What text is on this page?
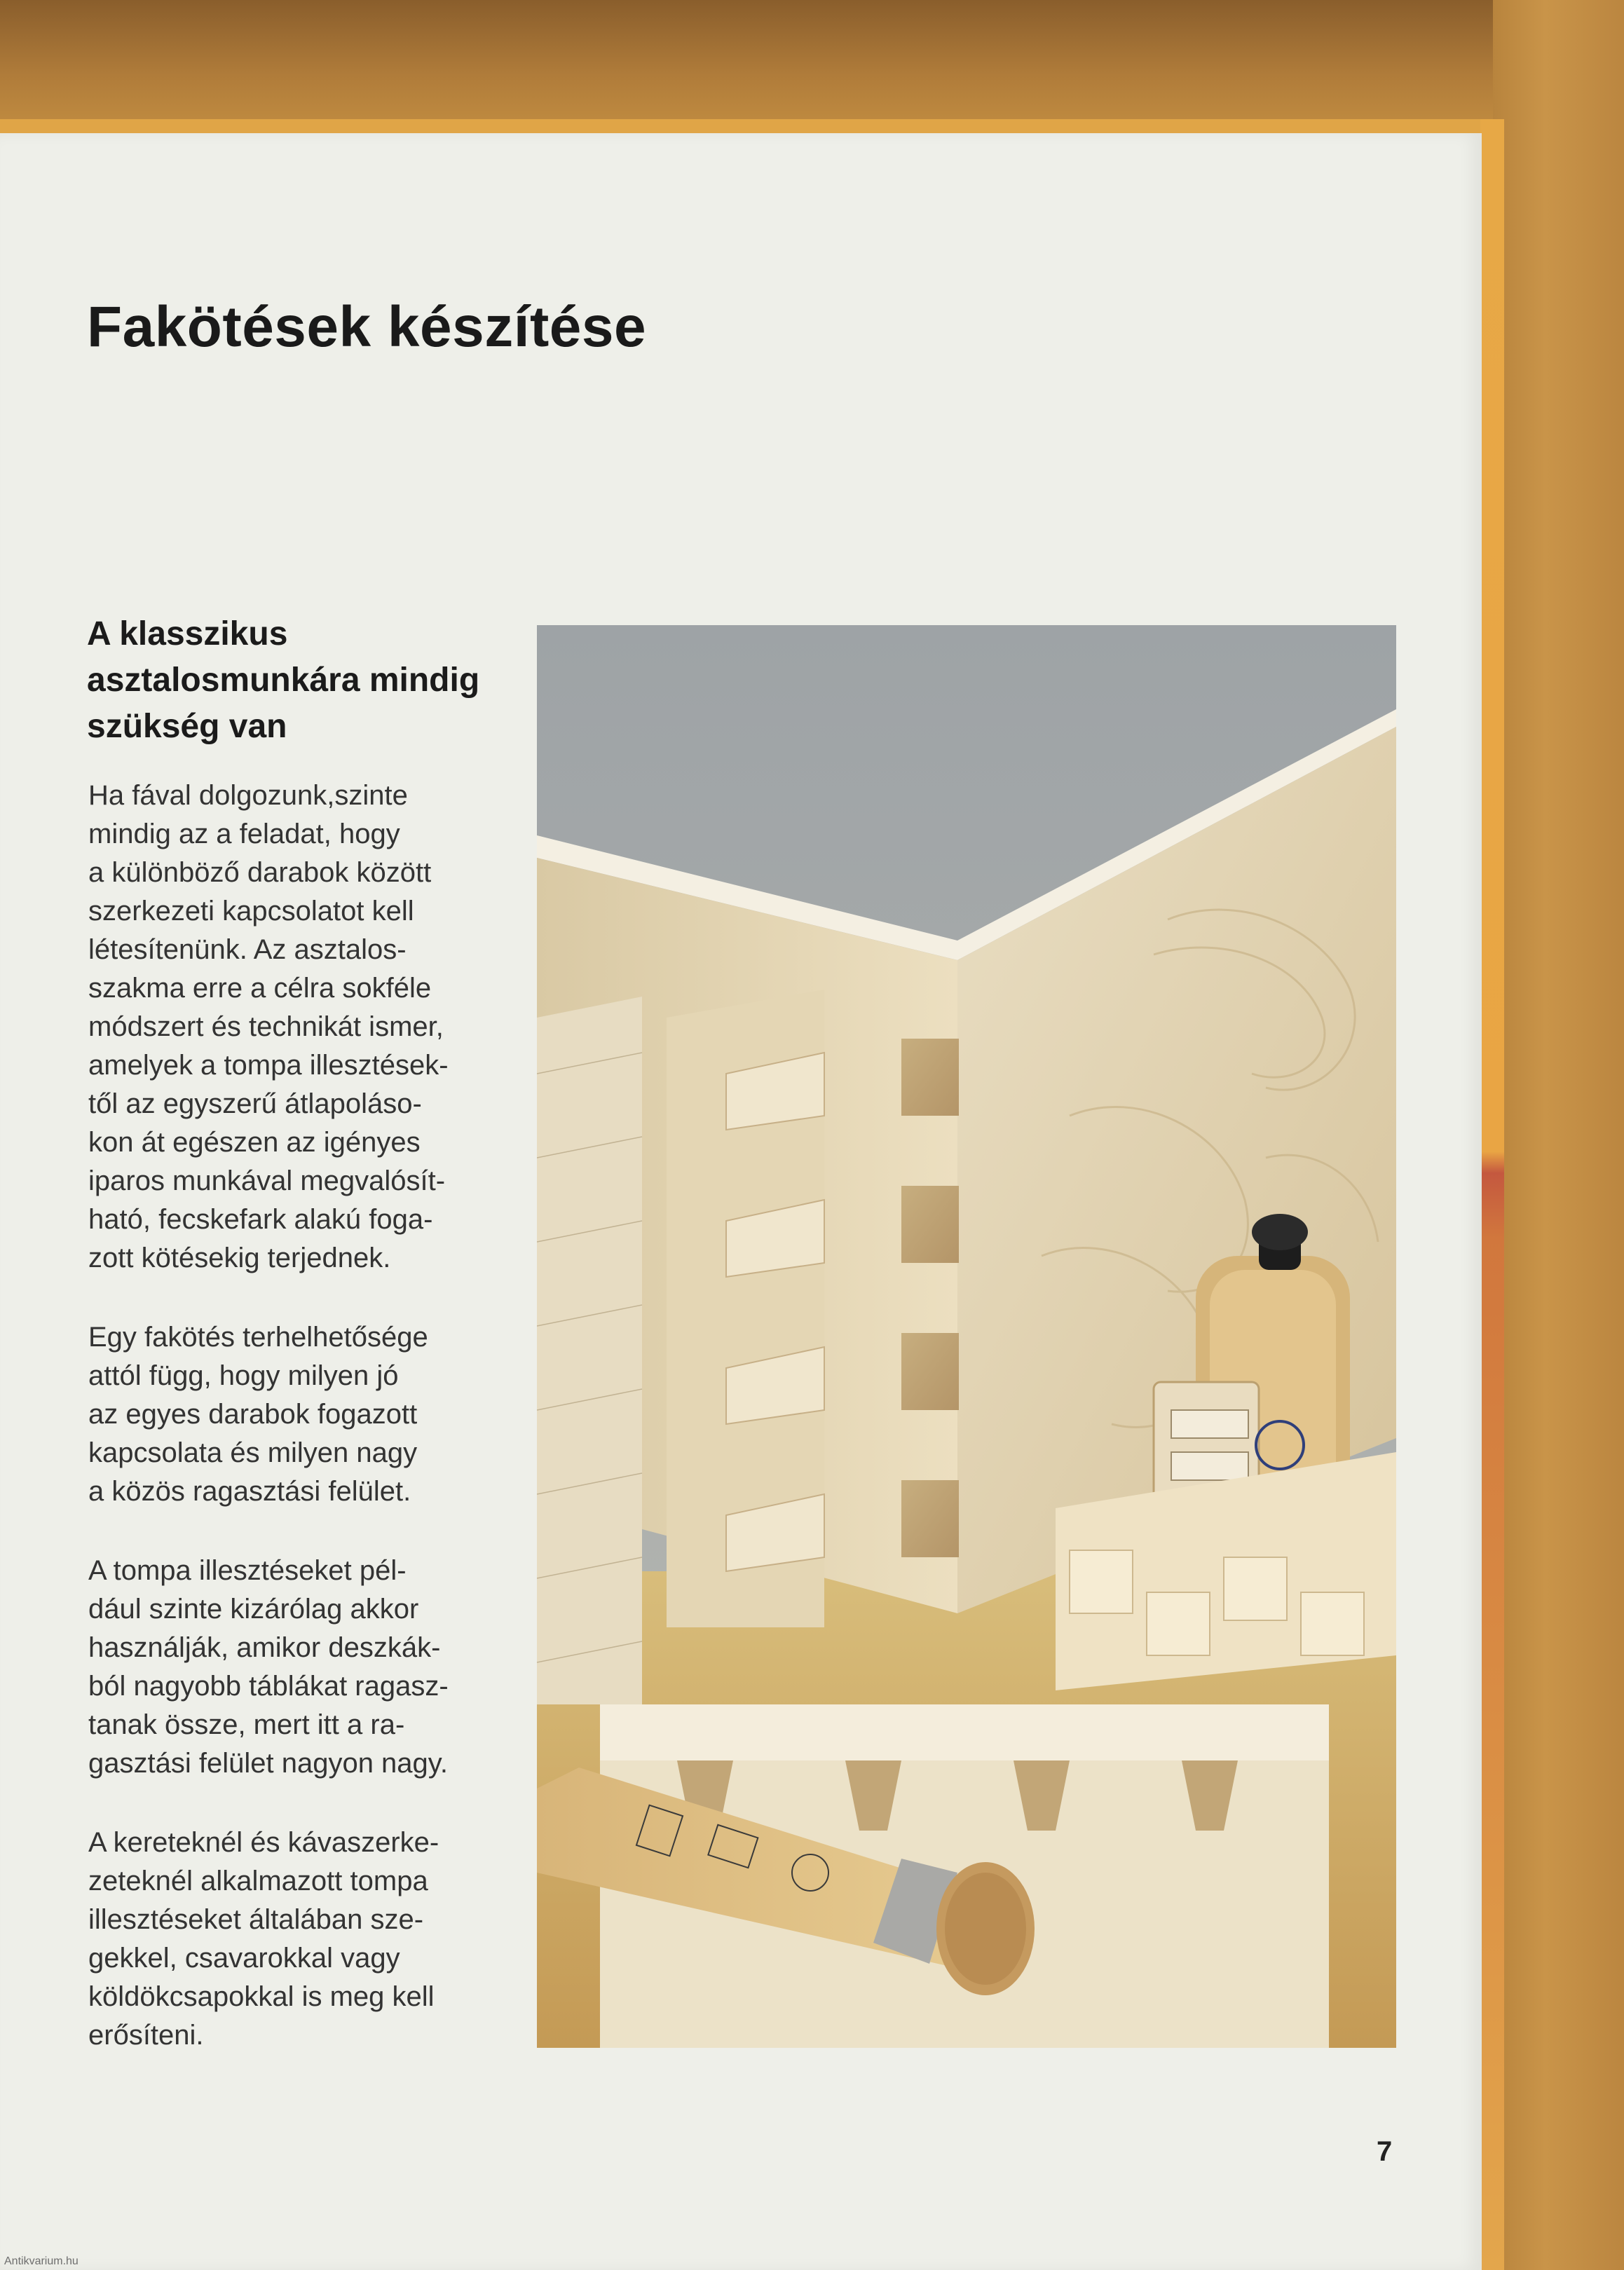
Fakötések készítése
A klasszikus asztalosmunkára mindig szükség van

Ha fával dolgozunk,szinte
mindig az a feladat, hogy
a különböző darabok között
szerkezeti kapcsolatot kell
létesítenünk. Az asztalos-
szakma erre a célra sokféle
módszert és technikát ismer,
amelyek a tompa illesztések-
től az egyszerű átlapoláso-
kon át egészen az igényes
iparos munkával megvalósít-
ható, fecskefark alakú foga-
zott kötésekig terjednek.

Egy fakötés terhelhetősége
attól függ, hogy milyen jó
az egyes darabok fogazott
kapcsolata és milyen nagy
a közös ragasztási felület.

A tompa illesztéseket pél-
dául szinte kizárólag akkor
használják, amikor deszkák-
ból nagyobb táblákat ragasz-
tanak össze, mert itt a ra-
gasztási felület nagyon nagy.

A kereteknél és kávaszerke-
zeteknél alkalmazott tompa
illesztéseket általában sze-
gekkel, csavarokkal vagy
köldökcsapokkal is meg kell
erősíteni.

7
Antikvarium.hu
